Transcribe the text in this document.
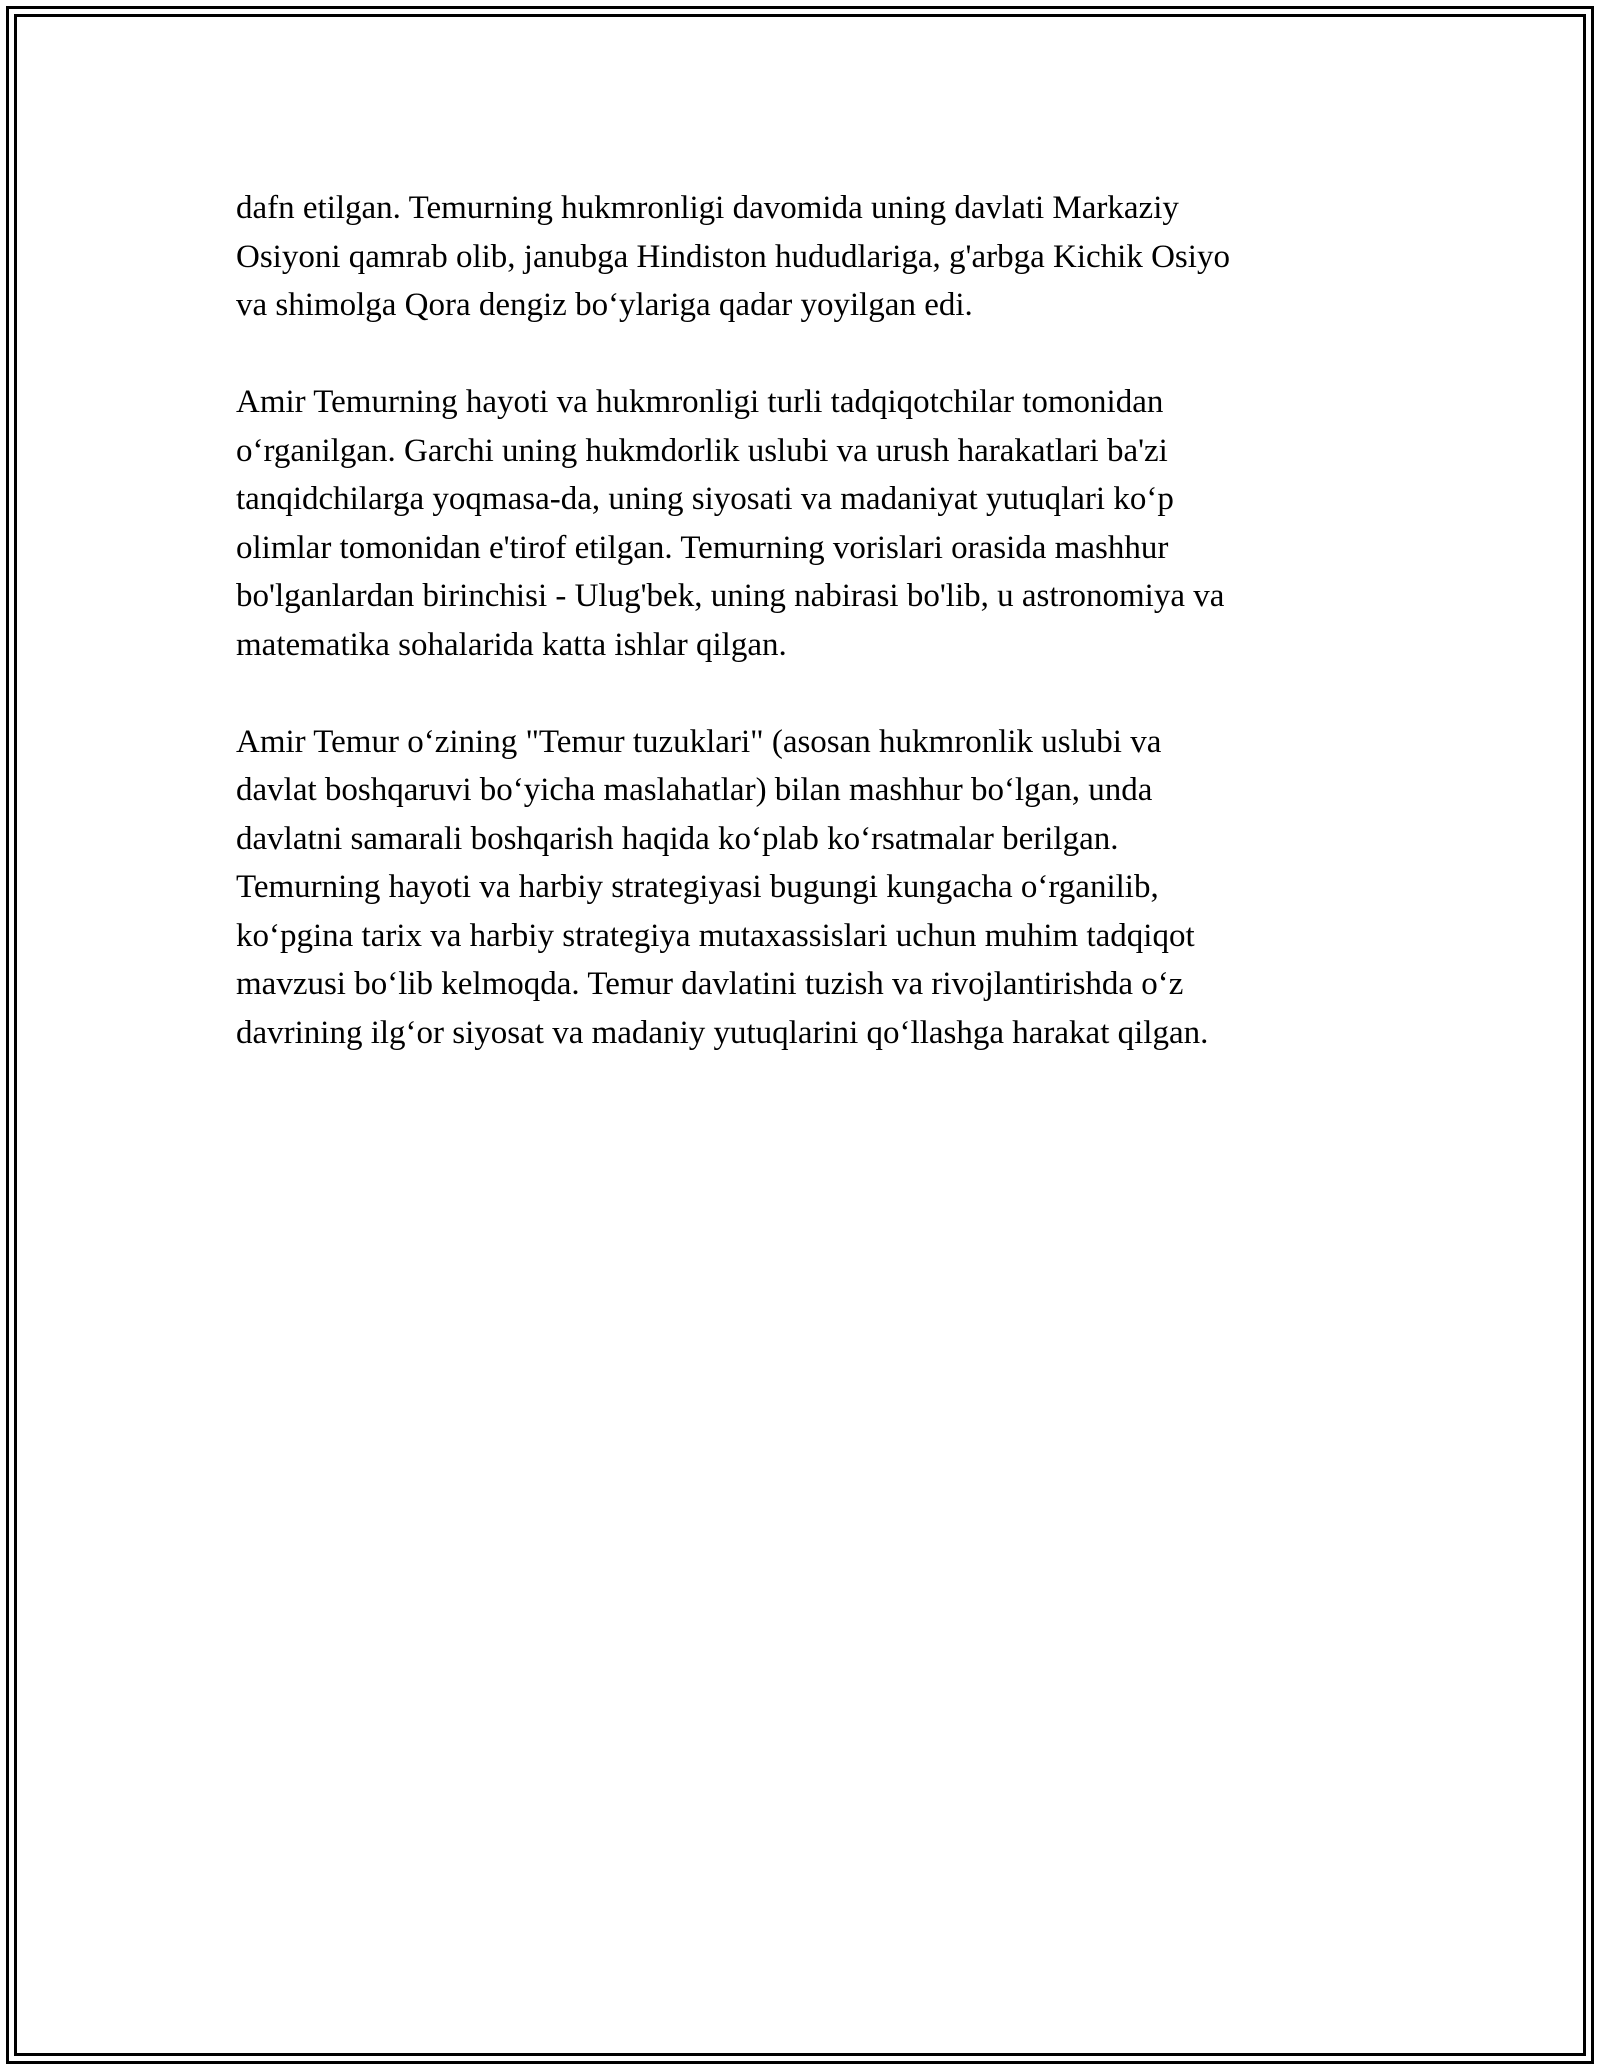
dafn etilgan. Temurning hukmronligi davomida uning davlati Markaziy
Osiyoni qamrab olib, janubga Hindiston hududlariga, g'arbga Kichik Osiyo
va shimolga Qora dengiz bo‘ylariga qadar yoyilgan edi.

Amir Temurning hayoti va hukmronligi turli tadqiqotchilar tomonidan
o‘rganilgan. Garchi uning hukmdorlik uslubi va urush harakatlari ba'zi
tanqidchilarga yoqmasa-da, uning siyosati va madaniyat yutuqlari ko‘p
olimlar tomonidan e'tirof etilgan. Temurning vorislari orasida mashhur
bo'lganlardan birinchisi - Ulug'bek, uning nabirasi bo'lib, u astronomiya va
matematika sohalarida katta ishlar qilgan.

Amir Temur o‘zining "Temur tuzuklari" (asosan hukmronlik uslubi va
davlat boshqaruvi bo‘yicha maslahatlar) bilan mashhur bo‘lgan, unda
davlatni samarali boshqarish haqida ko‘plab ko‘rsatmalar berilgan.
Temurning hayoti va harbiy strategiyasi bugungi kungacha o‘rganilib,
ko‘pgina tarix va harbiy strategiya mutaxassislari uchun muhim tadqiqot
mavzusi bo‘lib kelmoqda. Temur davlatini tuzish va rivojlantirishda o‘z
davrining ilg‘or siyosat va madaniy yutuqlarini qo‘llashga harakat qilgan.
